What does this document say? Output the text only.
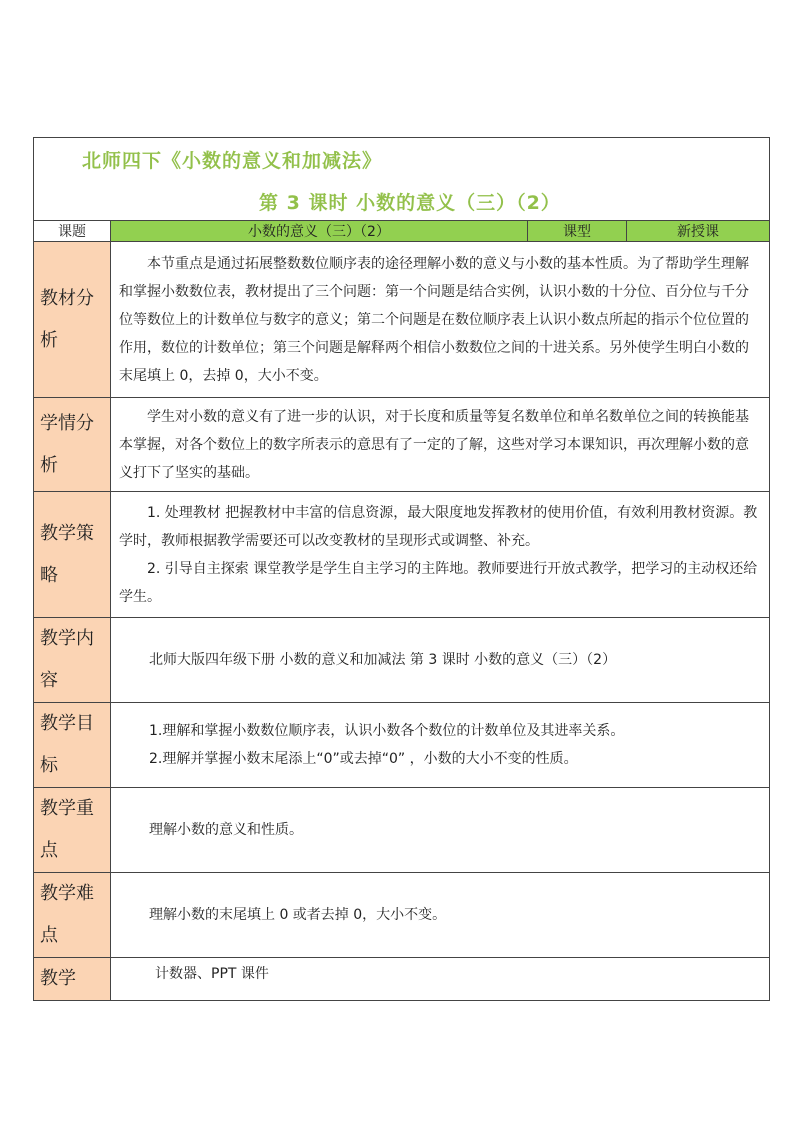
北师四下《小数的意义和加减法》
第 3 课时 小数的意义（三）（2）			

课题	小数的意义（三）（2）	课型	新授课
教材分析	本节重点是通过拓展整数数位顺序表的途径理解小数的意义与小数的基本性质。为了帮助学生理解和掌握小数数位表，教材提出了三个问题：第一个问题是结合实例，认识小数的十分位、百分位与千分位等数位上的计数单位与数字的意义；第二个问题是在数位顺序表上认识小数点所起的指示个位位置的作用，数位的计数单位；第三个问题是解释两个相信小数数位之间的十进关系。另外使学生明白小数的末尾填上 0，去掉 0，大小不变。		

学情分析	学生对小数的意义有了进一步的认识，对于长度和质量等复名数单位和单名数单位之间的转换能基本掌握，对各个数位上的数字所表示的意思有了一定的了解，这些对学习本课知识，再次理解小数的意义打下了坚实的基础。		

教学策略	1. 处理教材 把握教材中丰富的信息资源，最大限度地发挥教材的使用价值，有效利用教材资源。教学时，教师根据教学需要还可以改变教材的呈现形式或调整、补充。

2. 引导自主探索 课堂教学是学生自主学习的主阵地。教师要进行开放式教学，把学习的主动权还给学生。		

教学内容	北师大版四年级下册 小数的意义和加减法 第 3 课时 小数的意义（三）（2）		
教学目标	1.理解和掌握小数数位顺序表，认识小数各个数位的计数单位及其进率关系。

2.理解并掌握小数末尾添上“0”或去掉“0” ，小数的大小不变的性质。		

教学重点	理解小数的意义和性质。		
教学难点	理解小数的末尾填上 0 或者去掉 0，大小不变。		
教学	计数器、PPT 课件		
